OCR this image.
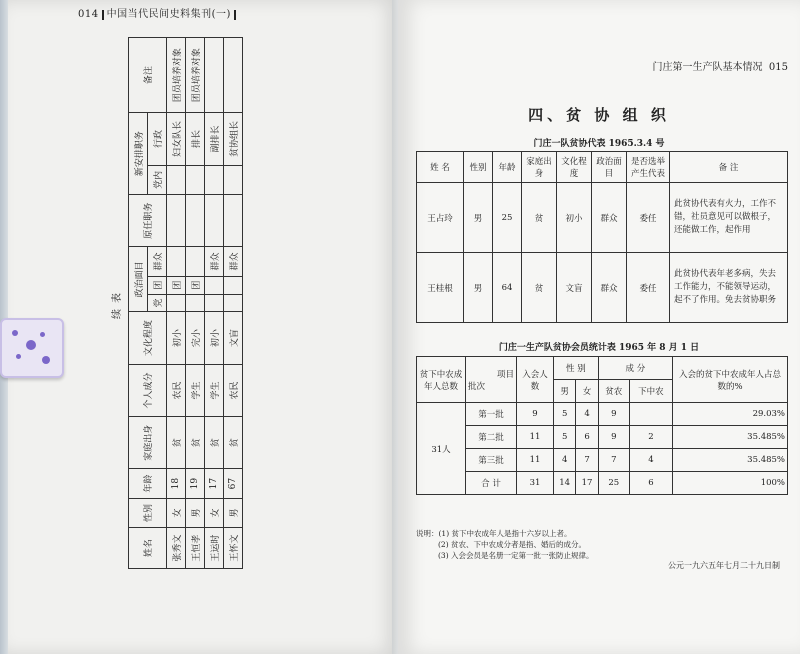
014 中国当代民间史料集刊(一)
续表
姓名	性别	年龄	家庭出身	个人成分	文化程度	政治面目			原任职务	新安排职务		备注
						党	团	群众		党内	行政	
张秀文	女	18	贫	农民	初小		团				妇女队长	团员培养对象
王恒孝	男	19	贫	学生	完小		团				排长	团员培养对象
王运时	女	17	贫	学生	初小			群众			副排长	
王怀文	男	67	贫	农民	文盲			群众			贫协组长	
门庄第一生产队基本情况 015
四、贫 协 组 织
门庄一队贫协代表 1965.3.4 号
姓 名	性别	年龄	家庭出身	文化程度	政治面目	是否选举产生代表	备 注
王占玲	男	25	贫	初小	群众	委任	此贫协代表有火力，工作不错，社员意见可以做根子，还能做工作，起作用
王桂根	男	64	贫	文盲	群众	委任	此贫协代表年老多病，失去工作能力，不能领导运动，起不了作用。免去贫协职务
门庄一生产队贫协会员统计表 1965 年 8 月 1 日
贫下中农成年人总数	项目
批次	入会人数	性 别		成 分		入会的贫下中农成年人占总数的%
			男	女	贫农	下中农	
31人	第一批	9	5	4	9		29.03%
	第二批	11	5	6	9	2	35.485%
	第三批	11	4	7	7	4	35.485%
	合 计	31	14	17	25	6	100%
说明：(1) 贫下中农成年人是指十六岁以上者。
(2) 贫农、下中农成分者是指、婚后的成分。
(3) 入会会员是名册一定第一批一张防止规律。
公元一九六五年七月二十九日制
